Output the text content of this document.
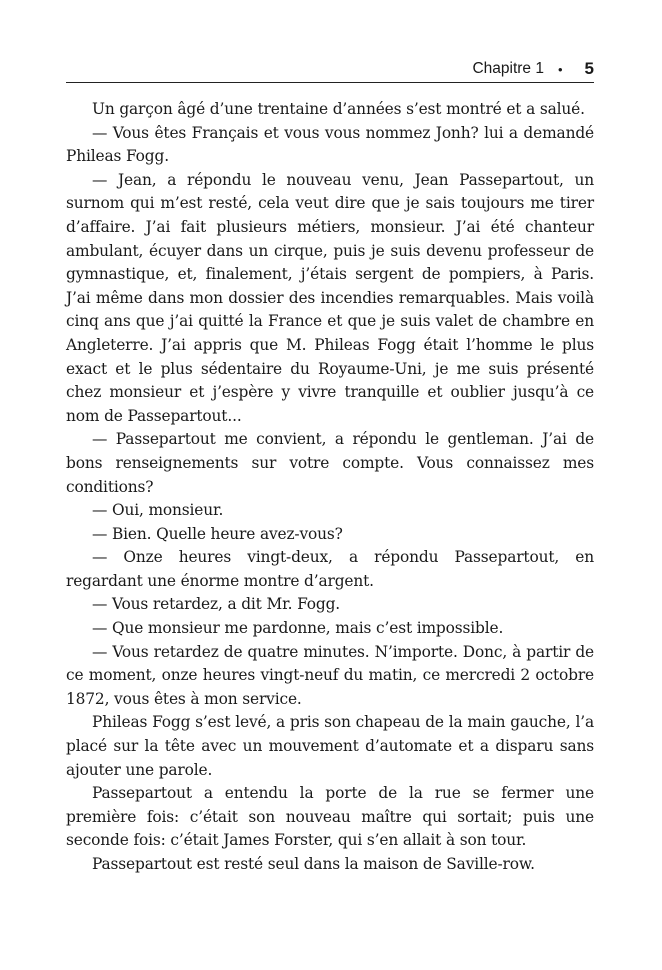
Chapitre 1 • 5

Un garçon âgé d’une trentaine d’années s’est montré et a salué.

— Vous êtes Français et vous vous nommez Jonh? lui a demandé Phileas Fogg.

— Jean, a répondu le nouveau venu, Jean Passepartout, un surnom qui m’est resté, cela veut dire que je sais toujours me tirer d’affaire. J’ai fait plusieurs métiers, monsieur. J’ai été chanteur ambulant, écuyer dans un cirque, puis je suis devenu professeur de gymnastique, et, finalement, j’étais sergent de pompiers, à Paris. J’ai même dans mon dossier des incendies remarquables. Mais voilà cinq ans que j’ai quitté la France et que je suis valet de chambre en Angleterre. J’ai appris que M. Phileas Fogg était l’homme le plus exact et le plus sédentaire du Royaume-Uni, je me suis présenté chez monsieur et j’espère y vivre tranquille et oublier jusqu’à ce nom de Passepartout...

— Passepartout me convient, a répondu le gentleman. J’ai de bons renseignements sur votre compte. Vous connaissez mes conditions?

— Oui, monsieur.

— Bien. Quelle heure avez-vous?

— Onze heures vingt-deux, a répondu Passepartout, en regardant une énorme montre d’argent.

— Vous retardez, a dit Mr. Fogg.

— Que monsieur me pardonne, mais c’est impossible.

— Vous retardez de quatre minutes. N’importe. Donc, à partir de ce moment, onze heures vingt-neuf du matin, ce mercredi 2 octobre 1872, vous êtes à mon service.

Phileas Fogg s’est levé, a pris son chapeau de la main gauche, l’a placé sur la tête avec un mouvement d’automate et a disparu sans ajouter une parole.

Passepartout a entendu la porte de la rue se fermer une première fois: c’était son nouveau maître qui sortait; puis une seconde fois: c’était James Forster, qui s’en allait à son tour.

Passepartout est resté seul dans la maison de Saville-row.
